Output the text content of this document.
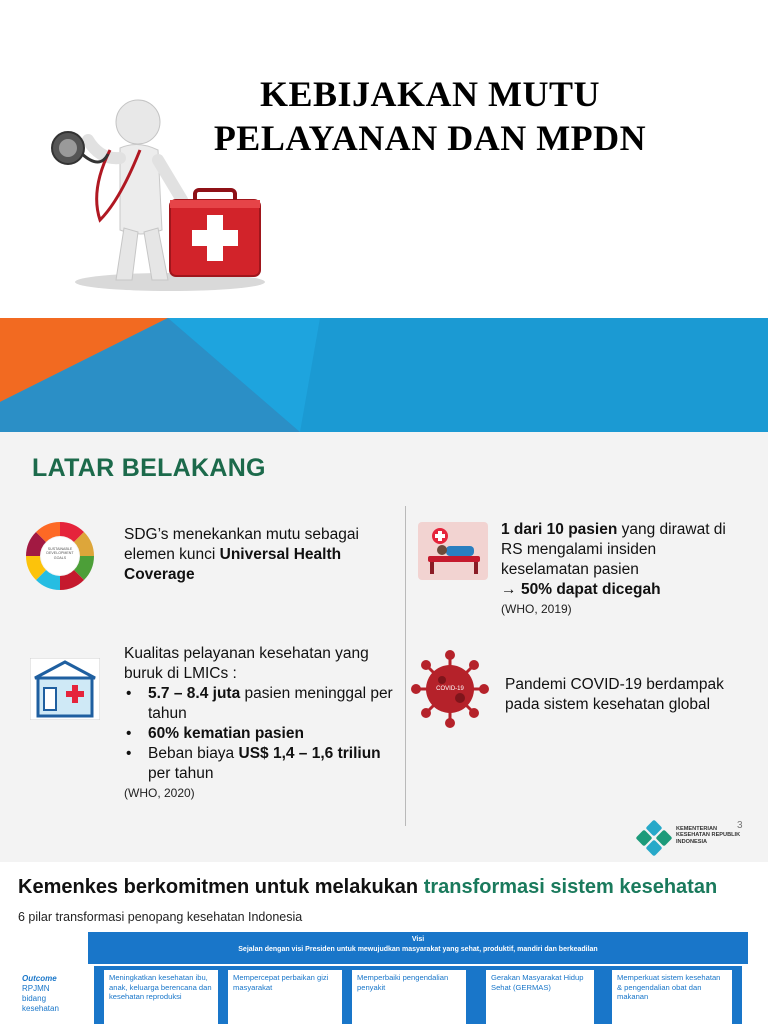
KEBIJAKAN MUTU
PELAYANAN DAN MPDN
LATAR BELAKANG
SUSTAINABLE DEVELOPMENT GOALS
SDG’s menekankan mutu sebagai elemen kunci Universal Health Coverage
Kualitas pelayanan kesehatan yang buruk di LMICs :
• 5.7 – 8.4 juta pasien meninggal per tahun
• 60% kematian pasien
• Beban biaya US$ 1,4 – 1,6 triliun per tahun
(WHO, 2020)
1 dari 10 pasien yang dirawat di
RS mengalami insiden
keselamatan pasien
→ 50% dapat dicegah
(WHO, 2019)
COVID-19	Pandemi COVID-19 berdampak pada sistem kesehatan global
3
KEMENTERIAN KESEHATAN REPUBLIK INDONESIA
Kemenkes berkomitmen untuk melakukan transformasi sistem kesehatan
6 pilar transformasi penopang kesehatan Indonesia
Visi
Sejalan dengan visi Presiden untuk mewujudkan masyarakat yang sehat, produktif, mandiri dan berkeadilan
Outcome
RPJMN bidang kesehatan
Meningkatkan kesehatan ibu, anak, keluarga berencana dan kesehatan reproduksi
Mempercepat perbaikan gizi masyarakat
Memperbaiki pengendalian penyakit
Gerakan Masyarakat Hidup Sehat (GERMAS)
Memperkuat sistem kesehatan & pengendalian obat dan makanan
